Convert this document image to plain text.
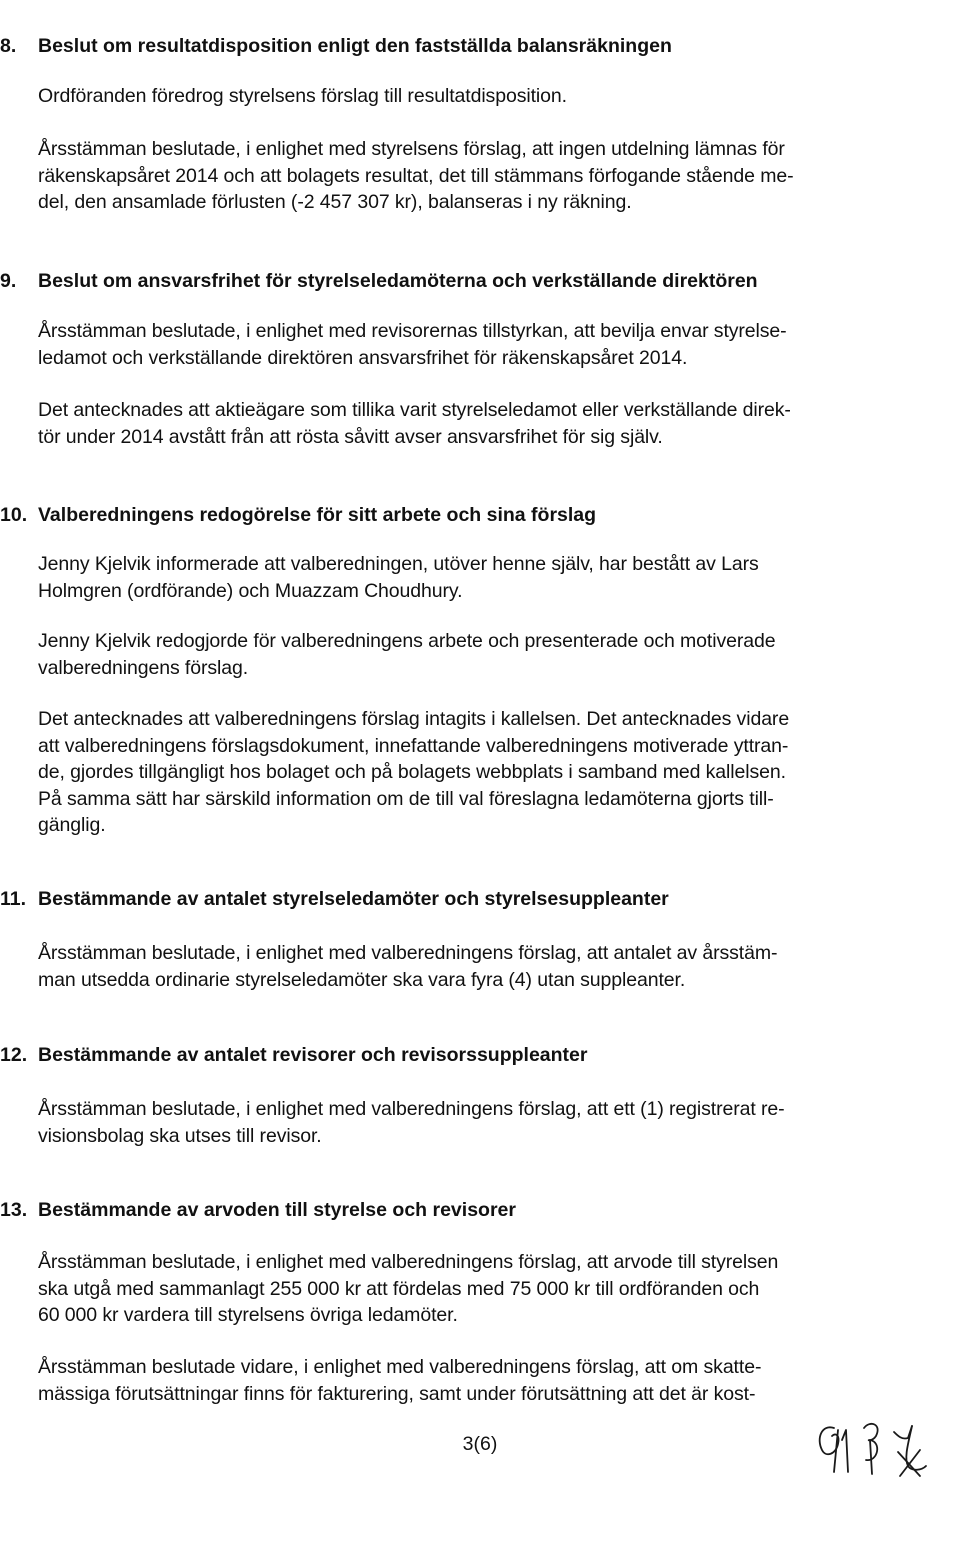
8. Beslut om resultatdisposition enligt den fastställda balansräkningen

Ordföranden föredrog styrelsens förslag till resultatdisposition.

Årsstämman beslutade, i enlighet med styrelsens förslag, att ingen utdelning lämnas för
räkenskapsåret 2014 och att bolagets resultat, det till stämmans förfogande stående me-
del, den ansamlade förlusten (-2 457 307 kr), balanseras i ny räkning.

9. Beslut om ansvarsfrihet för styrelseledamöterna och verkställande direktören

Årsstämman beslutade, i enlighet med revisorernas tillstyrkan, att bevilja envar styrelse-
ledamot och verkställande direktören ansvarsfrihet för räkenskapsåret 2014.

Det antecknades att aktieägare som tillika varit styrelseledamot eller verkställande direk-
tör under 2014 avstått från att rösta såvitt avser ansvarsfrihet för sig själv.

10. Valberedningens redogörelse för sitt arbete och sina förslag

Jenny Kjelvik informerade att valberedningen, utöver henne själv, har bestått av Lars
Holmgren (ordförande) och Muazzam Choudhury.

Jenny Kjelvik redogjorde för valberedningens arbete och presenterade och motiverade
valberedningens förslag.

Det antecknades att valberedningens förslag intagits i kallelsen. Det antecknades vidare
att valberedningens förslagsdokument, innefattande valberedningens motiverade yttran-
de, gjordes tillgängligt hos bolaget och på bolagets webbplats i samband med kallelsen.
På samma sätt har särskild information om de till val föreslagna ledamöterna gjorts till-
gänglig.

11. Bestämmande av antalet styrelseledamöter och styrelsesuppleanter

Årsstämman beslutade, i enlighet med valberedningens förslag, att antalet av årsstäm-
man utsedda ordinarie styrelseledamöter ska vara fyra (4) utan suppleanter.

12. Bestämmande av antalet revisorer och revisorssuppleanter

Årsstämman beslutade, i enlighet med valberedningens förslag, att ett (1) registrerat re-
visionsbolag ska utses till revisor.

13. Bestämmande av arvoden till styrelse och revisorer

Årsstämman beslutade, i enlighet med valberedningens förslag, att arvode till styrelsen
ska utgå med sammanlagt 255 000 kr att fördelas med 75 000 kr till ordföranden och
60 000 kr vardera till styrelsens övriga ledamöter.

Årsstämman beslutade vidare, i enlighet med valberedningens förslag, att om skatte-
mässiga förutsättningar finns för fakturering, samt under förutsättning att det är kost-

3(6)
